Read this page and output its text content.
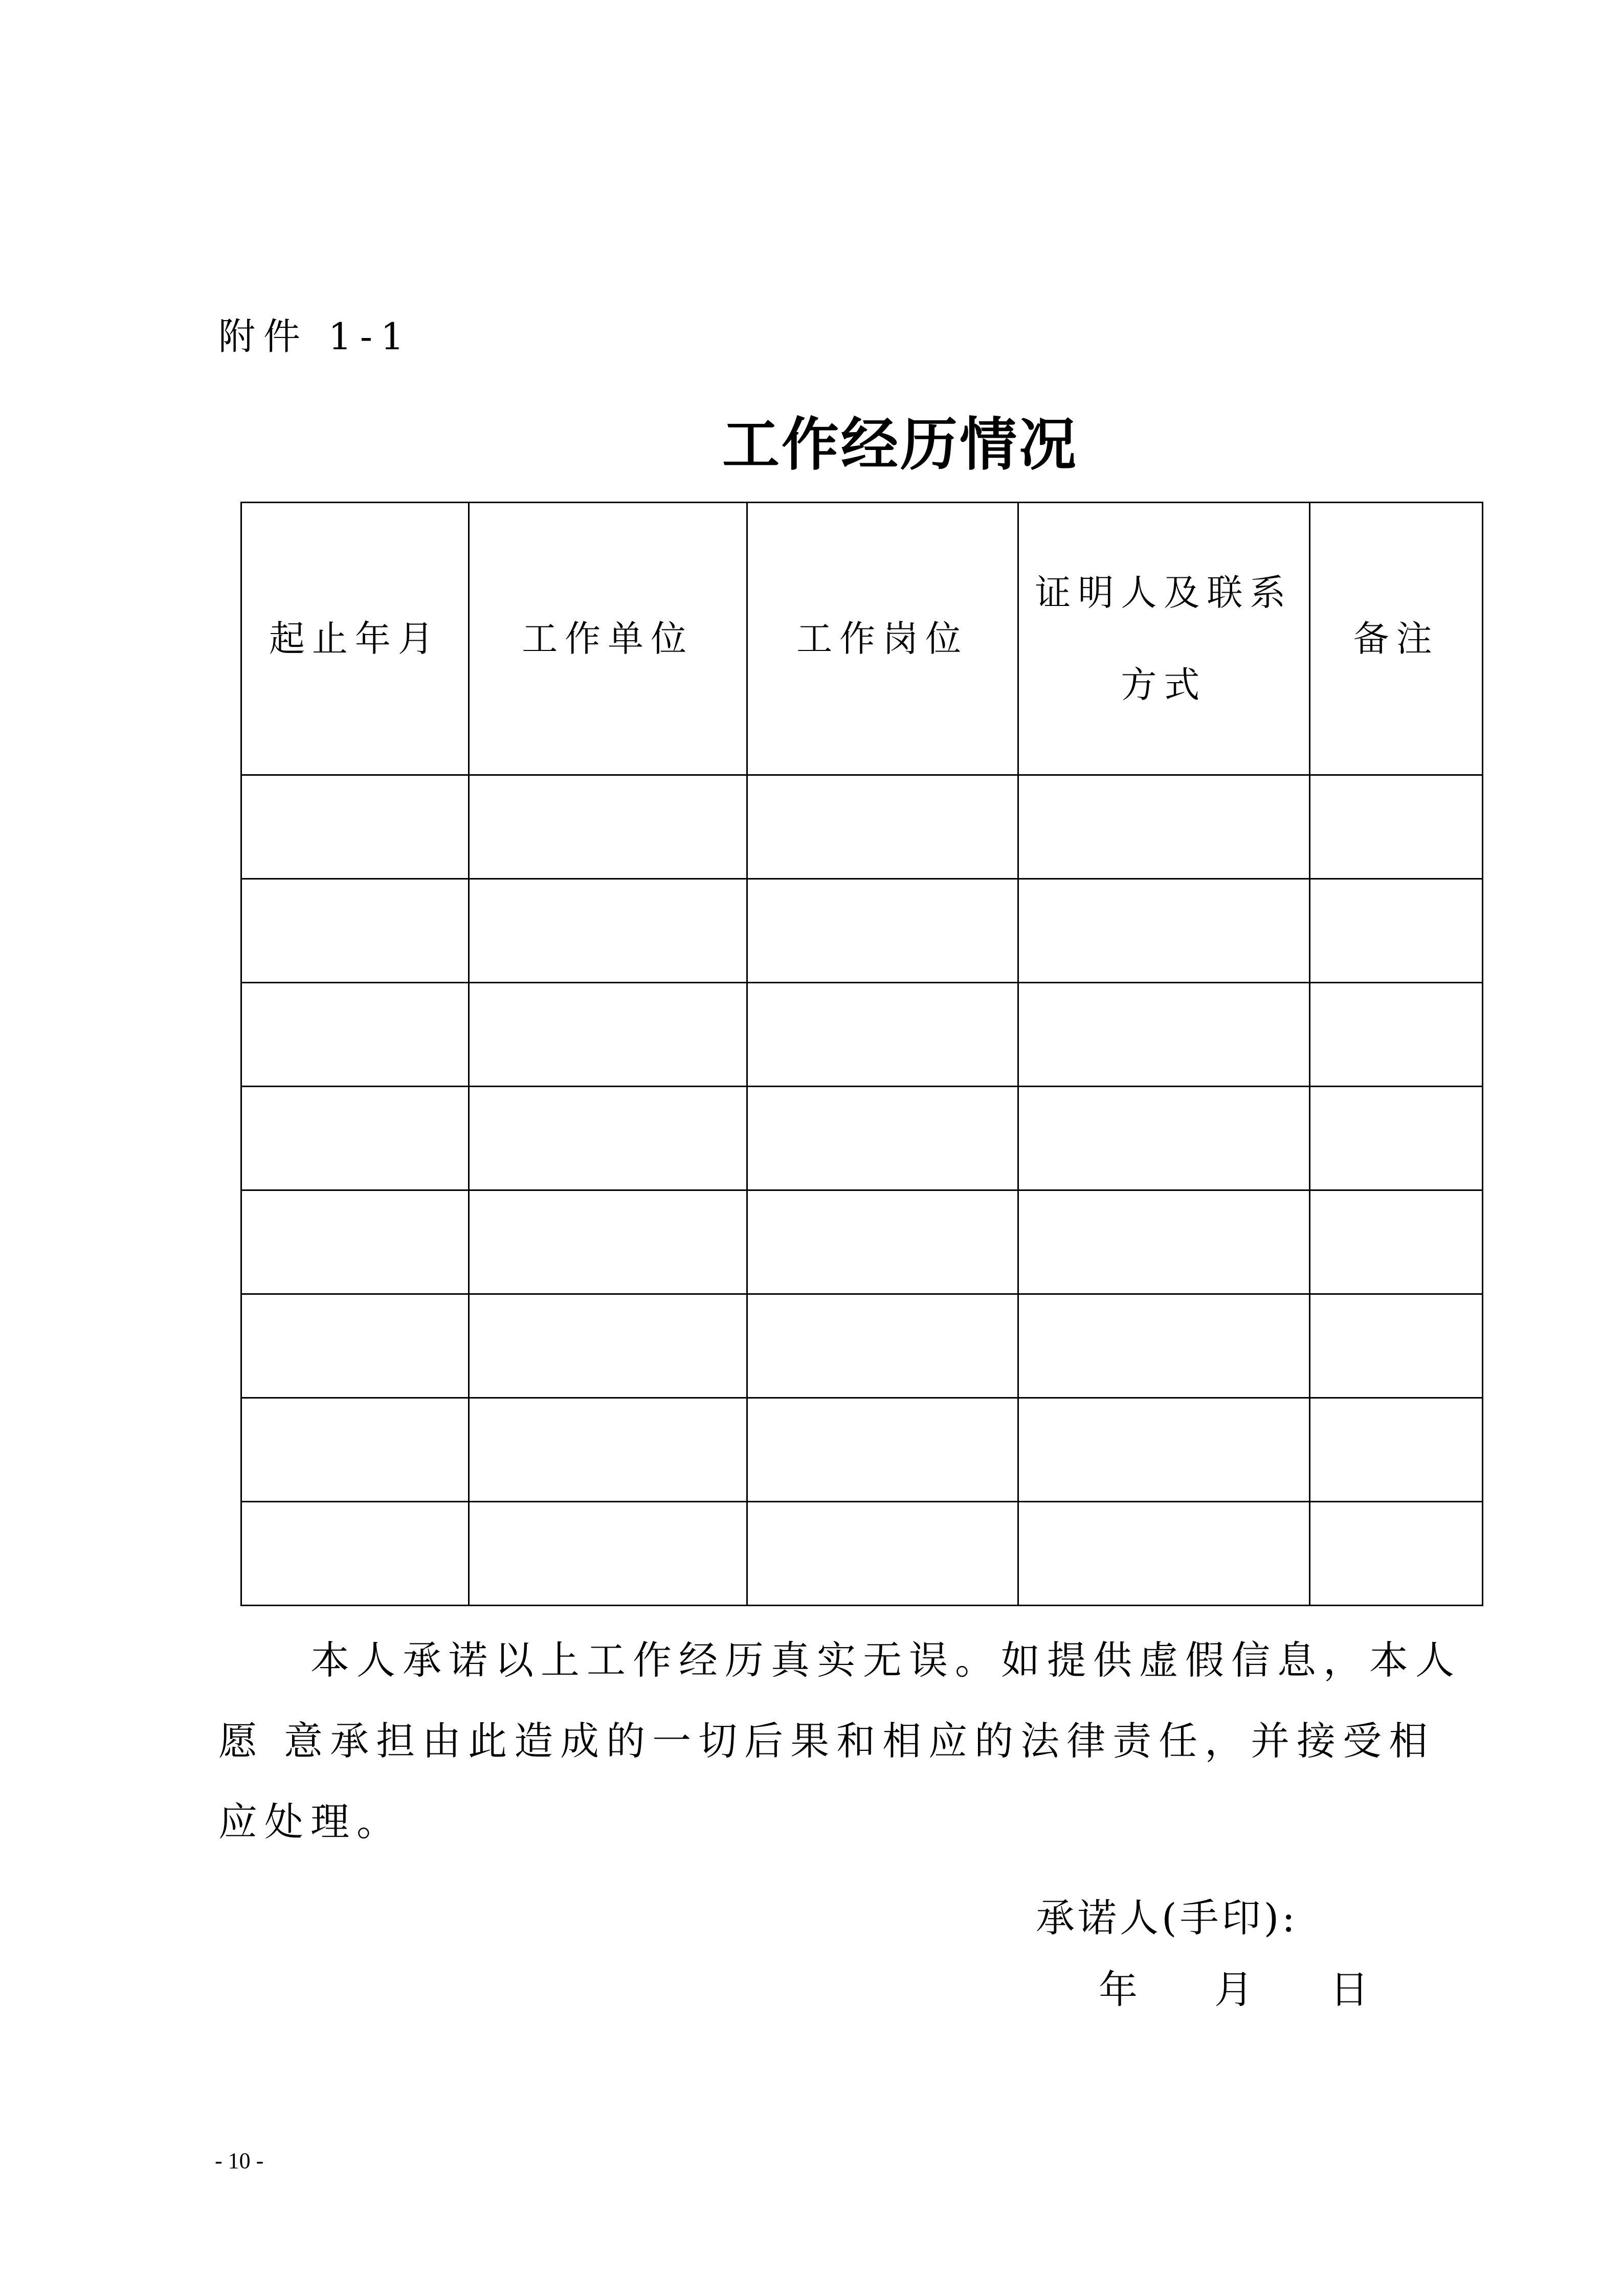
附件 1-1
工作经历情况
起止年月	工作单位	工作岗位	证明人及联系方式	备注

本人承诺以上工作经历真实无误。如提供虚假信息，本人愿 意承担由此造成的一切后果和相应的法律责任，并接受相应处理。
承诺人(手印):
年 月 日
- 10 -
